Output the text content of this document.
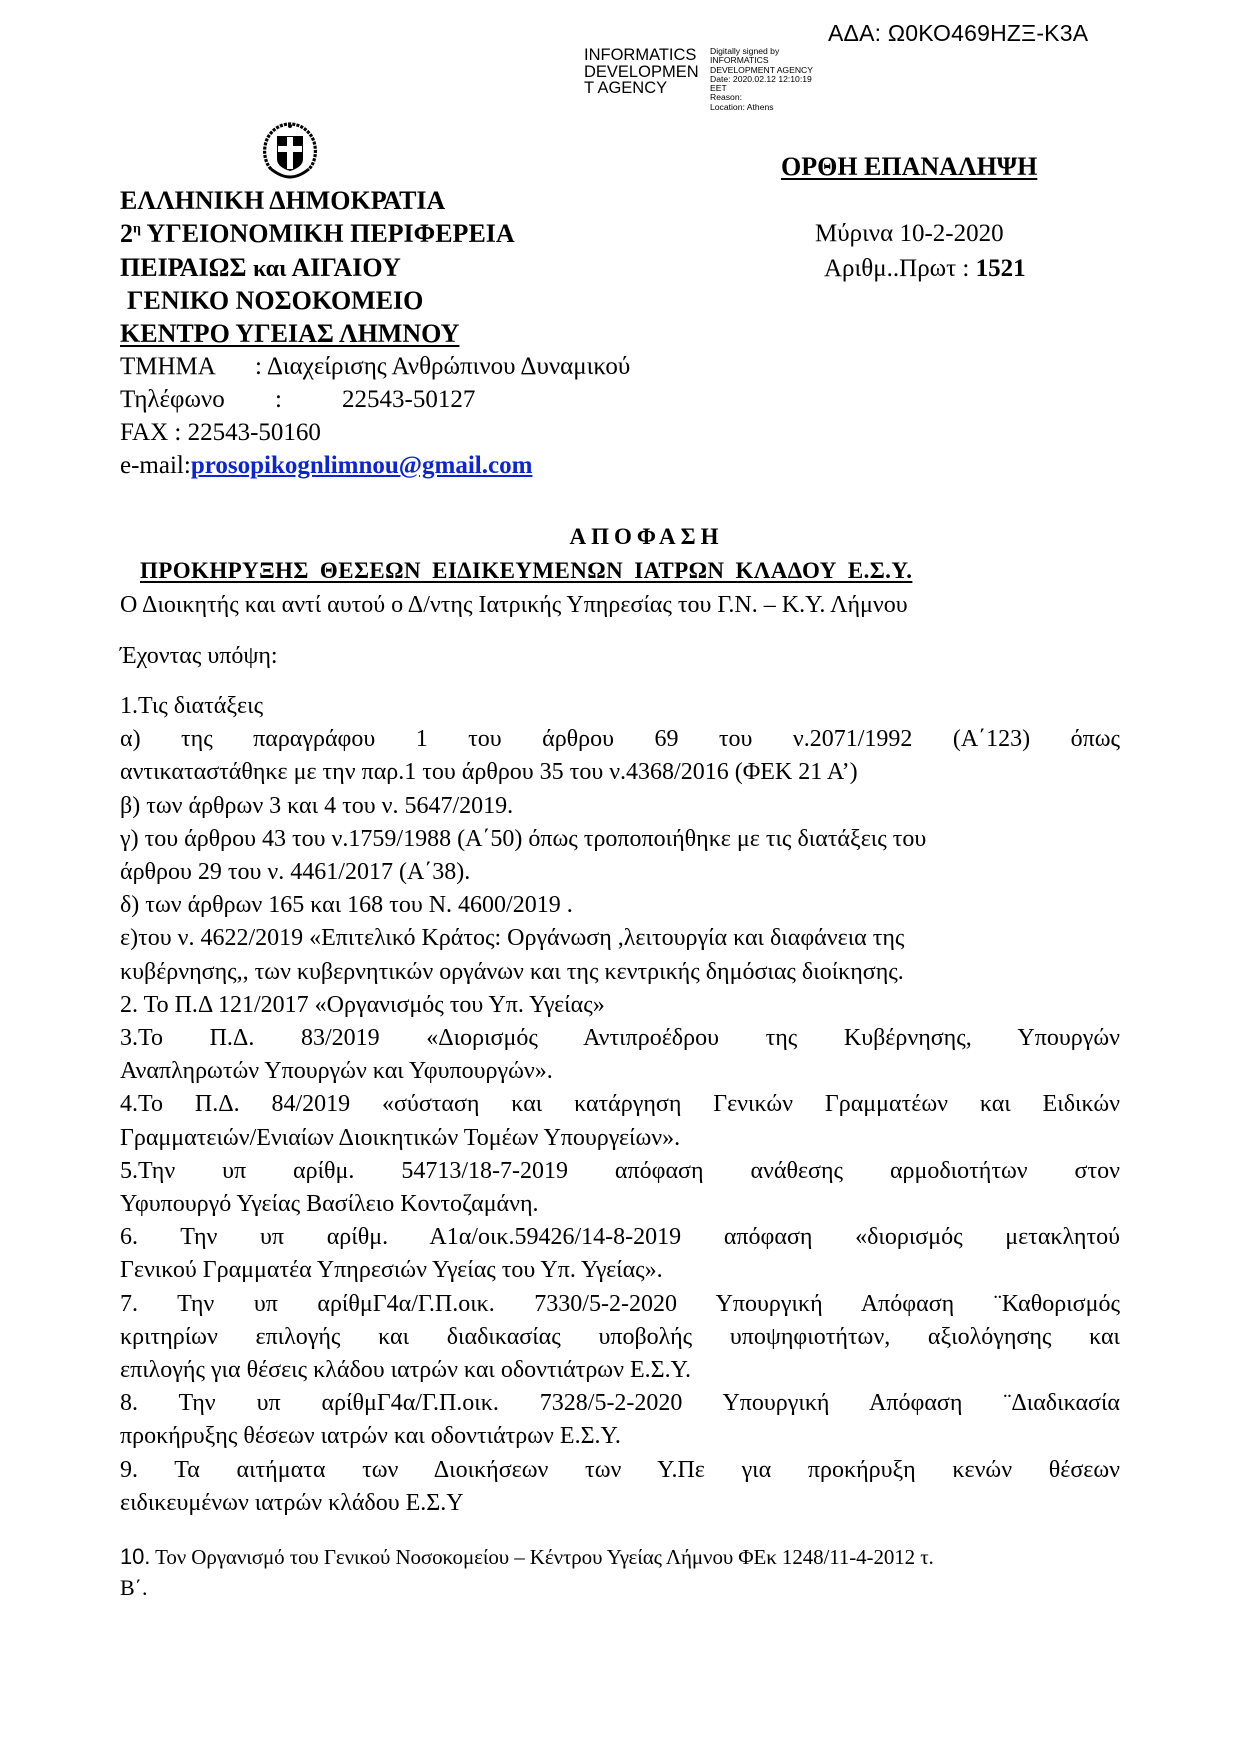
ΑΔΑ: Ω0ΚΟ469ΗΖΞ-Κ3Α
INFORMATICS
DEVELOPMEN
T AGENCY
Digitally signed by
INFORMATICS
DEVELOPMENT AGENCY
Date: 2020.02.12 12:10:19
EET
Reason:
Location: Athens
ΟΡΘΗ ΕΠΑΝΑΛΗΨΗ
ΕΛΛΗΝΙΚΗ ΔΗΜΟΚΡΑΤΙΑ
$2^\eta$ ΥΓΕΙΟΝΟΜΙΚΗ ΠΕΡΙΦΕΡΕΙΑ
ΠΕΙΡΑΙΩΣ και ΑΙΓΑΙΟΥ
ΓΕΝΙΚΟ ΝΟΣΟΚΟΜΕΙΟ
ΚΕΝΤΡΟ ΥΓΕΙΑΣ ΛΗΜΝΟΥ
Μύρινα 10-2-2020
Αριθμ..Πρωτ : 1521
ΤΜΗΜΑ : Διαχείρισης Ανθρώπινου Δυναμικού
Τηλέφωνο : 22543-50127
FAX : 22543-50160
e-mail:prosopikognlimnou@gmail.com
ΑΠΟΦΑΣΗ
ΠΡΟΚΗΡΥΞΗΣ ΘΕΣΕΩΝ ΕΙΔΙΚΕΥΜΕΝΩΝ ΙΑΤΡΩΝ ΚΛΑΔΟΥ Ε.Σ.Υ.
Ο Διοικητής και αντί αυτού ο Δ/ντης Ιατρικής Υπηρεσίας του Γ.Ν. – Κ.Υ. Λήμνου
Έχοντας υπόψη:
1.Τις διατάξεις
α) της παραγράφου 1 του άρθρου 69 του ν.2071/1992 (Α΄123) όπως
αντικαταστάθηκε με την παρ.1 του άρθρου 35 του ν.4368/2016 (ΦΕΚ 21 Α’)
β) των άρθρων 3 και 4 του ν. 5647/2019.
γ) του άρθρου 43 του ν.1759/1988 (Α΄50) όπως τροποποιήθηκε με τις διατάξεις του
άρθρου 29 του ν. 4461/2017 (Α΄38).
δ) των άρθρων 165 και 168 του Ν. 4600/2019 .
ε)του ν. 4622/2019 «Επιτελικό Κράτος: Οργάνωση ,λειτουργία και διαφάνεια της
κυβέρνησης,, των κυβερνητικών οργάνων και της κεντρικής δημόσιας διοίκησης.
2. Το Π.Δ 121/2017 «Οργανισμός του Υπ. Υγείας»
3.Το Π.Δ. 83/2019 «Διορισμός Αντιπροέδρου της Κυβέρνησης, Υπουργών
Αναπληρωτών Υπουργών και Υφυπουργών».
4.Το Π.Δ. 84/2019 «σύσταση και κατάργηση Γενικών Γραμματέων και Ειδικών
Γραμματειών/Ενιαίων Διοικητικών Τομέων Υπουργείων».
5.Την υπ αρίθμ. 54713/18-7-2019 απόφαση ανάθεσης αρμοδιοτήτων στον
Υφυπουργό Υγείας Βασίλειο Κοντοζαμάνη.
6. Την υπ αρίθμ. Α1α/οικ.59426/14-8-2019 απόφαση «διορισμός μετακλητού
Γενικού Γραμματέα Υπηρεσιών Υγείας του Υπ. Υγείας».
7. Την υπ αρίθμΓ4α/Γ.Π.οικ. 7330/5-2-2020 Υπουργική Απόφαση ¨Καθορισμός
κριτηρίων επιλογής και διαδικασίας υποβολής υποψηφιοτήτων, αξιολόγησης και
επιλογής για θέσεις κλάδου ιατρών και οδοντιάτρων Ε.Σ.Υ.
8. Την υπ αρίθμΓ4α/Γ.Π.οικ. 7328/5-2-2020 Υπουργική Απόφαση ¨Διαδικασία
προκήρυξης θέσεων ιατρών και οδοντιάτρων Ε.Σ.Υ.
9. Τα αιτήματα των Διοικήσεων των Υ.Πε για προκήρυξη κενών θέσεων
ειδικευμένων ιατρών κλάδου Ε.Σ.Υ
10. Τον Οργανισμό του Γενικού Νοσοκομείου – Κέντρου Υγείας Λήμνου ΦΕκ 1248/11-4-2012 τ.
Β΄.
